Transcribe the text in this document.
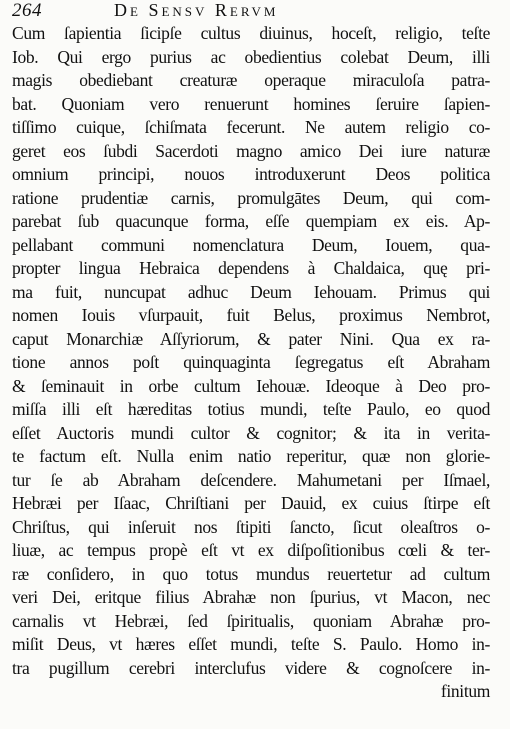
264	De Sensv Rervm
Cum ſapientia ſicipſe cultus diuinus, hoceſt, religio, teſte
Iob. Qui ergo purius ac obedientius colebat Deum, illi
magis obediebant creaturæ operaque miraculoſa patra-
bat. Quoniam vero renuerunt homines ſeruire ſapien-
tiſſimo cuique, ſchiſmata fecerunt. Ne autem religio co-
geret eos ſubdi Sacerdoti magno amico Dei iure naturæ
omnium principi, nouos introduxerunt Deos politica
ratione prudentiæ carnis, promulgātes Deum, qui com-
parebat ſub quacunque forma, eſſe quempiam ex eis. Ap-
pellabant communi nomenclatura Deum, Iouem, qua-
propter lingua Hebraica dependens à Chaldaica, quę pri-
ma fuit, nuncupat adhuc Deum Iehouam. Primus qui
nomen Iouis vſurpauit, fuit Belus, proximus Nembrot,
caput Monarchiæ Aſſyriorum, & pater Nini. Qua ex ra-
tione annos poſt quinquaginta ſegregatus eſt Abraham
& ſeminauit in orbe cultum Iehouæ. Ideoque à Deo pro-
miſſa illi eſt hæreditas totius mundi, teſte Paulo, eo quod
eſſet Auctoris mundi cultor & cognitor; & ita in verita-
te factum eſt. Nulla enim natio reperitur, quæ non glorie-
tur ſe ab Abraham deſcendere. Mahumetani per Iſmael,
Hebræi per Iſaac, Chriſtiani per Dauid, ex cuius ſtirpe eſt
Chriſtus, qui inſeruit nos ſtipiti ſancto, ſicut oleaſtros o-
liuæ, ac tempus propè eſt vt ex diſpoſitionibus cœli & ter-
ræ conſidero, in quo totus mundus reuertetur ad cultum
veri Dei, eritque filius Abrahæ non ſpurius, vt Macon, nec
carnalis vt Hebræi, ſed ſpiritualis, quoniam Abrahæ pro-
miſit Deus, vt hæres eſſet mundi, teſte S. Paulo. Homo in-
tra pugillum cerebri interclufus videre & cognoſcere in-
finitum
